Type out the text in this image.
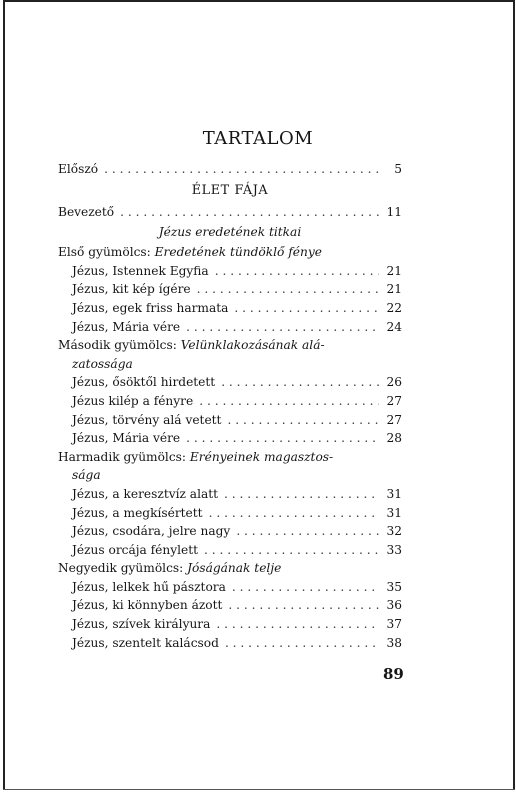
TARTALOM
Előszó . . .	5
ÉLET FÁJA
Bevezető . . .	11
Jézus eredetének titkai
Első gyümölcs: Eredetének tündöklő fénye
Jézus, Istennek Egyfia . . .	21
Jézus, kit kép ígére . . .	21
Jézus, egek friss harmata . . .	22
Jézus, Mária vére . . .	24
Második gyümölcs: Velünklakozásának alá-
zatossága
Jézus, ősöktől hirdetett . . .	26
Jézus kilép a fényre . . .	27
Jézus, törvény alá vetett . . .	27
Jézus, Mária vére . . .	28
Harmadik gyümölcs: Erényeinek magasztos-
sága
Jézus, a keresztvíz alatt . . .	31
Jézus, a megkísértett . . .	31
Jézus, csodára, jelre nagy . . .	32
Jézus orcája fénylett . . .	33
Negyedik gyümölcs: Jóságának telje
Jézus, lelkek hű pásztora . . .	35
Jézus, ki könnyben ázott . . .	36
Jézus, szívek királyura . . .	37
Jézus, szentelt kalácsod . . .	38
89
